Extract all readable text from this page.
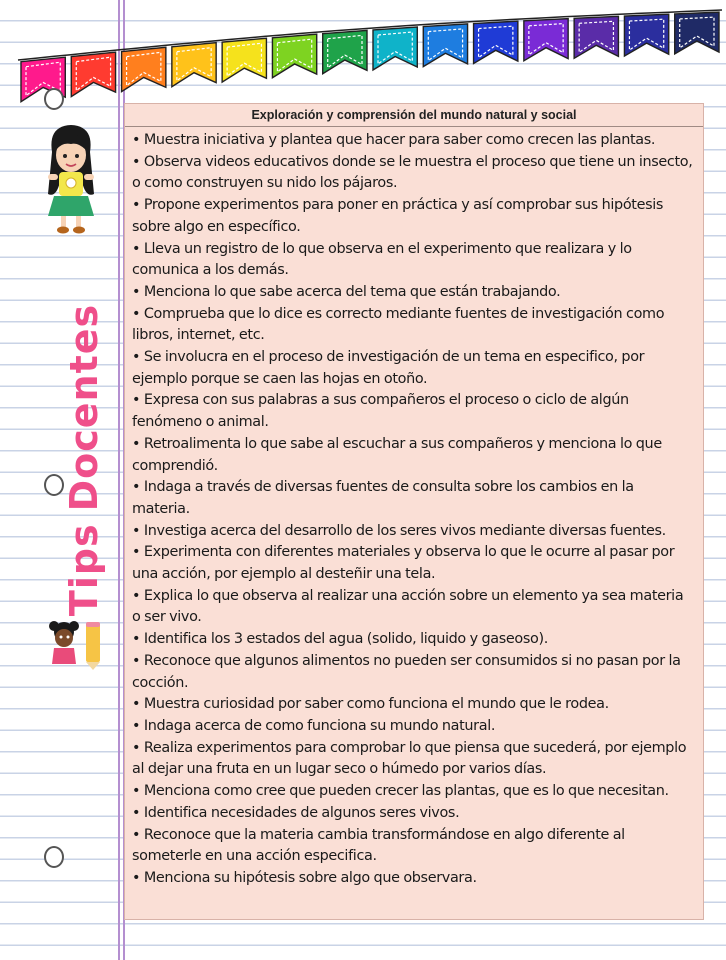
TipsDocentes
Exploración y comprensión del mundo natural y social
• Muestra iniciativa y plantea que hacer para saber como crecen las plantas.
• Observa videos educativos donde se le muestra el proceso que tiene un insecto, o como construyen su nido los pájaros.
• Propone experimentos para poner en práctica y así comprobar sus hipótesis sobre algo en específico.
• Lleva un registro de lo que observa en el experimento que realizara y lo comunica a los demás.
• Menciona lo que sabe acerca del tema que están trabajando.
• Comprueba que lo dice es correcto mediante fuentes de investigación como libros, internet, etc.
• Se involucra en el proceso de investigación de un tema en especifico, por ejemplo porque se caen las hojas en otoño.
• Expresa con sus palabras a sus compañeros el proceso o ciclo de algún fenómeno o animal.
• Retroalimenta lo que sabe al escuchar a sus compañeros y menciona lo que comprendió.
• Indaga a través de diversas fuentes de consulta sobre los cambios en la materia.
• Investiga acerca del desarrollo de los seres vivos mediante diversas fuentes.
• Experimenta con diferentes materiales y observa lo que le ocurre al pasar por una acción, por ejemplo al desteñir una tela.
• Explica lo que observa al realizar una acción sobre un elemento ya sea materia o ser vivo.
• Identifica los 3 estados del agua (solido, liquido y gaseoso).
• Reconoce que algunos alimentos no pueden ser consumidos si no pasan por la cocción.
• Muestra curiosidad por saber como funciona el mundo que le rodea.
• Indaga acerca de como funciona su mundo natural.
• Realiza experimentos para comprobar lo que piensa que sucederá, por ejemplo al dejar una fruta en un lugar seco o húmedo por varios días.
• Menciona como cree que pueden crecer las plantas, que es lo que necesitan.
• Identifica necesidades de algunos seres vivos.
• Reconoce que la materia cambia transformándose en algo diferente al someterle en una acción especifica.
• Menciona su hipótesis sobre algo que observara.
